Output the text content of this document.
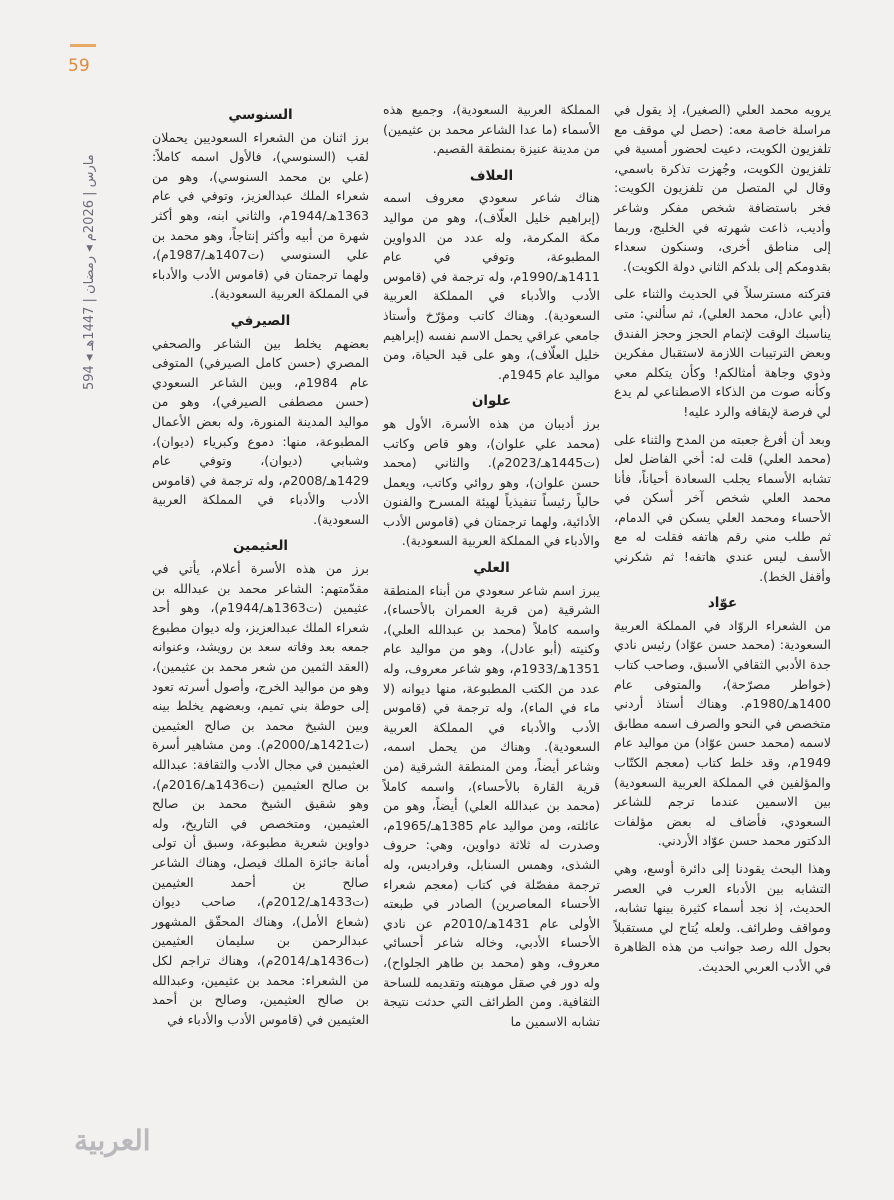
59
مارس | 2026م ◂ رمضان | 1447هـ ◂ 594
السنوسي

برز اثنان من الشعراء السعوديين يحملان لقب (السنوسي)، فالأول اسمه كاملاً: (علي بن محمد السنوسي)، وهو من شعراء الملك عبدالعزيز، وتوفي في عام 1363هـ/1944م، والثاني ابنه، وهو أكثر شهرة من أبيه وأكثر إنتاجاً، وهو محمد بن علي السنوسي (ت1407هـ/1987م)، ولهما ترجمتان في (قاموس الأدب والأدباء في المملكة العربية السعودية).

الصيرفي

بعضهم يخلط بين الشاعر والصحفي المصري (حسن كامل الصيرفي) المتوفى عام 1984م، وبين الشاعر السعودي (حسن مصطفى الصيرفي)، وهو من مواليد المدينة المنورة، وله بعض الأعمال المطبوعة، منها: دموع وكبرياء (ديوان)، وشبابي (ديوان)، وتوفي عام 1429هـ/2008م، وله ترجمة في (قاموس الأدب والأدباء في المملكة العربية السعودية).

العثيمين

برز من هذه الأسرة أعلام، يأتي في مقدّمتهم: الشاعر محمد بن عبدالله بن عثيمين (ت1363هـ/1944م)، وهو أحد شعراء الملك عبدالعزيز، وله ديوان مطبوع جمعه بعد وفاته سعد بن رويشد، وعنوانه (العقد الثمين من شعر محمد بن عثيمين)، وهو من مواليد الخرج، وأصول أسرته تعود إلى حوطة بني تميم، وبعضهم يخلط بينه وبين الشيخ محمد بن صالح العثيمين (ت1421هـ/2000م). ومن مشاهير أسرة العثيمين في مجال الأدب والثقافة: عبدالله بن صالح العثيمين (ت1436هـ/2016م)، وهو شقيق الشيخ محمد بن صالح العثيمين، ومتخصص في التاريخ، وله دواوين شعرية مطبوعة، وسبق أن تولى أمانة جائزة الملك فيصل، وهناك الشاعر صالح بن أحمد العثيمين (ت1433هـ/2012م)، صاحب ديوان (شعاع الأمل)، وهناك المحقّق المشهور عبدالرحمن بن سليمان العثيمين (ت1436هـ/2014م)، وهناك تراجم لكل من الشعراء: محمد بن عثيمين، وعبدالله بن صالح العثيمين، وصالح بن أحمد العثيمين في (قاموس الأدب والأدباء في

المملكة العربية السعودية)، وجميع هذه الأسماء (ما عدا الشاعر محمد بن عثيمين) من مدينة عنيزة بمنطقة القصيم.

العلاف

هناك شاعر سعودي معروف اسمه (إبراهيم خليل العلّاف)، وهو من مواليد مكة المكرمة، وله عدد من الدواوين المطبوعة، وتوفي في عام 1411هـ/1990م، وله ترجمة في (قاموس الأدب والأدباء في المملكة العربية السعودية). وهناك كاتب ومؤرّخ وأستاذ جامعي عراقي يحمل الاسم نفسه (إبراهيم خليل العلّاف)، وهو على قيد الحياة، ومن مواليد عام 1945م.

علوان

برز أديبان من هذه الأسرة، الأول هو (محمد علي علوان)، وهو قاص وكاتب (ت1445هـ/2023م). والثاني (محمد حسن علوان)، وهو روائي وكاتب، ويعمل حالياً رئيساً تنفيذياً لهيئة المسرح والفنون الأدائية، ولهما ترجمتان في (قاموس الأدب والأدباء في المملكة العربية السعودية).

العلي

يبرز اسم شاعر سعودي من أبناء المنطقة الشرقية (من قرية العمران بالأحساء)، واسمه كاملاً (محمد بن عبدالله العلي)، وكنيته (أبو عادل)، وهو من مواليد عام 1351هـ/1933م، وهو شاعر معروف، وله عدد من الكتب المطبوعة، منها ديوانه (لا ماء في الماء)، وله ترجمة في (قاموس الأدب والأدباء في المملكة العربية السعودية). وهناك من يحمل اسمه، وشاعر أيضاً، ومن المنطقة الشرقية (من قرية القارة بالأحساء)، واسمه كاملاً (محمد بن عبدالله العلي) أيضاً، وهو من عائلته، ومن مواليد عام 1385هـ/1965م، وصدرت له ثلاثة دواوين، وهي: حروف الشذى، وهمس السنابل، وفراديس، وله ترجمة مفصّلة في كتاب (معجم شعراء الأحساء المعاصرين) الصادر في طبعته الأولى عام 1431هـ/2010م عن نادي الأحساء الأدبي، وخاله شاعر أحسائي معروف، وهو (محمد بن طاهر الجلواح)، وله دور في صقل موهبته وتقديمه للساحة الثقافية. ومن الطرائف التي حدثت نتيجة تشابه الاسمين ما

يرويه محمد العلي (الصغير)، إذ يقول في مراسلة خاصة معه: (حصل لي موقف مع تلفزيون الكويت، دعيت لحضور أمسية في تلفزيون الكويت، وجُهزت تذكرة باسمي، وقال لي المتصل من تلفزيون الكويت: فخر باستضافة شخص مفكر وشاعر وأديب، ذاعت شهرته في الخليج، وربما إلى مناطق أخرى، وسنكون سعداء بقدومكم إلى بلدكم الثاني دولة الكويت).

فتركته مسترسلاً في الحديث والثناء على (أبي عادل، محمد العلي)، ثم سألني: متى يناسبك الوقت لإتمام الحجز وحجز الفندق وبعض الترتيبات اللازمة لاستقبال مفكرين وذوي وجاهة أمثالكم! وكأن يتكلم معي وكأنه صوت من الذكاء الاصطناعي لم يدع لي فرصة لإيقافه والرد عليه!

وبعد أن أفرغ جعبته من المدح والثناء على (محمد العلي) قلت له: أخي الفاضل لعل تشابه الأسماء يجلب السعادة أحياناً، فأنا محمد العلي شخص آخر أسكن في الأحساء ومحمد العلي يسكن في الدمام، ثم طلب مني رقم هاتفه فقلت له مع الأسف ليس عندي هاتفه! ثم شكرني وأقفل الخط).

عوّاد

من الشعراء الروّاد في المملكة العربية السعودية: (محمد حسن عوّاد) رئيس نادي جدة الأدبي الثقافي الأسبق، وصاحب كتاب (خواطر مصرّحة)، والمتوفى عام 1400هـ/1980م. وهناك أستاذ أردني متخصص في النحو والصرف اسمه مطابق لاسمه (محمد حسن عوّاد) من مواليد عام 1949م، وقد خلط كتاب (معجم الكتّاب والمؤلفين في المملكة العربية السعودية) بين الاسمين عندما ترجم للشاعر السعودي، فأضاف له بعض مؤلفات الدكتور محمد حسن عوّاد الأردني.

وهذا البحث يقودنا إلى دائرة أوسع، وهي التشابه بين الأدباء العرب في العصر الحديث، إذ نجد أسماء كثيرة بينها تشابه، ومواقف وطرائف. ولعله يُتاح لي مستقبلاً بحول الله رصد جوانب من هذه الظاهرة في الأدب العربي الحديث.

العربية
